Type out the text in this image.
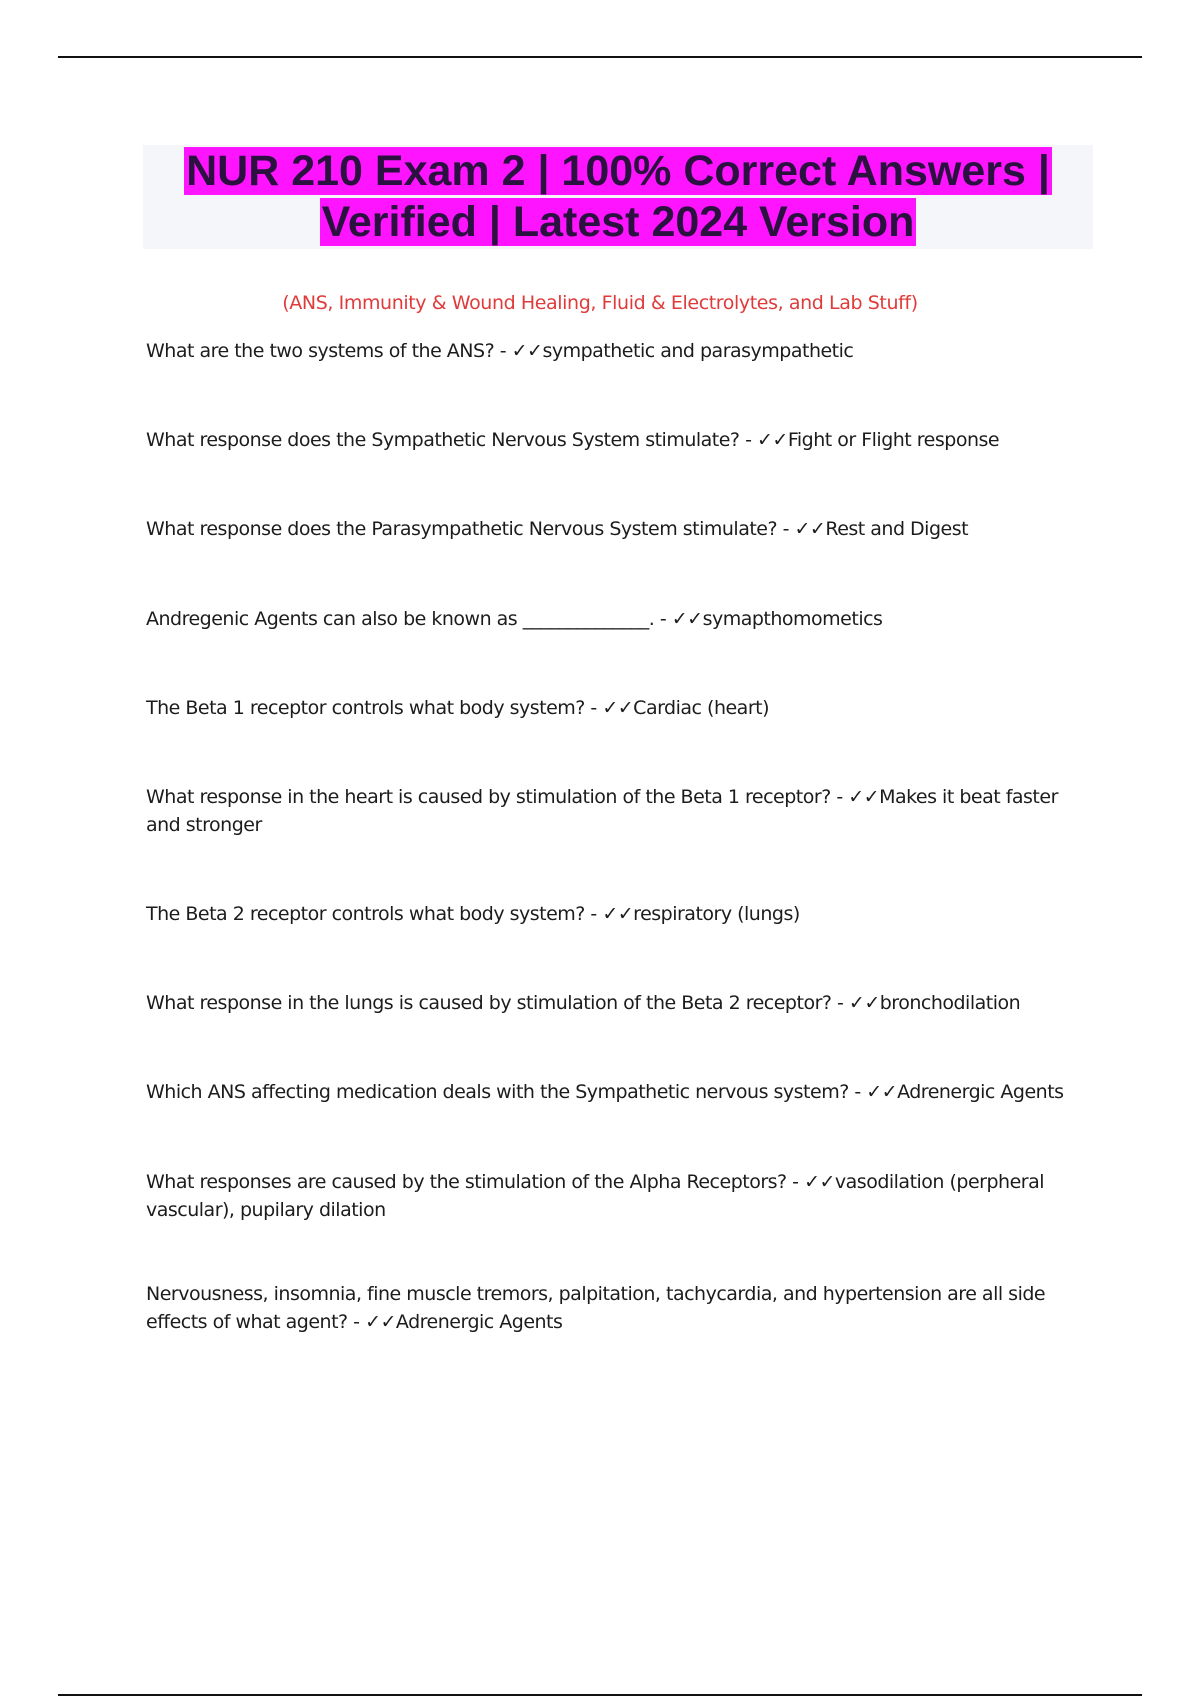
NUR 210 Exam 2 | 100% Correct Answers | Verified | Latest 2024 Version
(ANS, Immunity & Wound Healing, Fluid & Electrolytes, and Lab Stuff)
What are the two systems of the ANS? - ✓✓sympathetic and parasympathetic
What response does the Sympathetic Nervous System stimulate? - ✓✓Fight or Flight response
What response does the Parasympathetic Nervous System stimulate? - ✓✓Rest and Digest
Andregenic Agents can also be known as ______________. - ✓✓symapthomometics
The Beta 1 receptor controls what body system? - ✓✓Cardiac (heart)
What response in the heart is caused by stimulation of the Beta 1 receptor? - ✓✓Makes it beat faster and stronger
The Beta 2 receptor controls what body system? - ✓✓respiratory (lungs)
What response in the lungs is caused by stimulation of the Beta 2 receptor? - ✓✓bronchodilation
Which ANS affecting medication deals with the Sympathetic nervous system? - ✓✓Adrenergic Agents
What responses are caused by the stimulation of the Alpha Receptors? - ✓✓vasodilation (perpheral vascular), pupilary dilation
Nervousness, insomnia, fine muscle tremors, palpitation, tachycardia, and hypertension are all side effects of what agent? - ✓✓Adrenergic Agents
